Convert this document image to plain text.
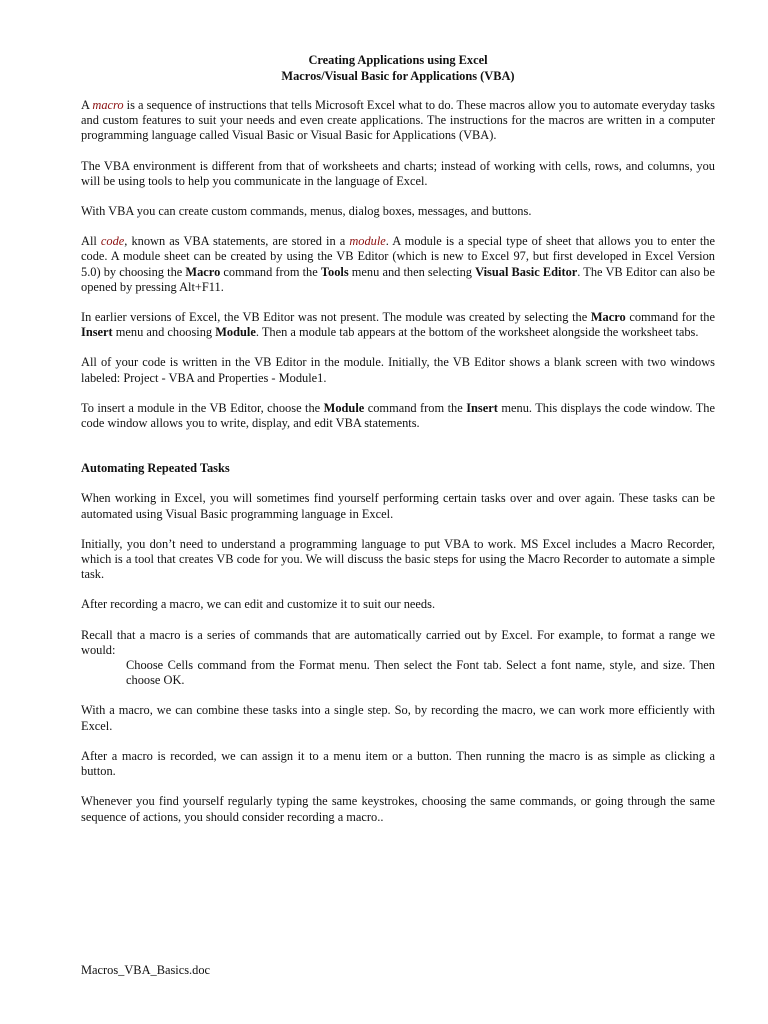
Creating Applications using Excel
Macros/Visual Basic for Applications (VBA)

A macro is a sequence of instructions that tells Microsoft Excel what to do. These macros allow you to automate everyday tasks and custom features to suit your needs and even create applications. The instructions for the macros are written in a computer programming language called Visual Basic or Visual Basic for Applications (VBA).

The VBA environment is different from that of worksheets and charts; instead of working with cells, rows, and columns, you will be using tools to help you communicate in the language of Excel.

With VBA you can create custom commands, menus, dialog boxes, messages, and buttons.

All code, known as VBA statements, are stored in a module. A module is a special type of sheet that allows you to enter the code. A module sheet can be created by using the VB Editor (which is new to Excel 97, but first developed in Excel Version 5.0) by choosing the Macro command from the Tools menu and then selecting Visual Basic Editor. The VB Editor can also be opened by pressing Alt+F11.

In earlier versions of Excel, the VB Editor was not present. The module was created by selecting the Macro command for the Insert menu and choosing Module. Then a module tab appears at the bottom of the worksheet alongside the worksheet tabs.

All of your code is written in the VB Editor in the module. Initially, the VB Editor shows a blank screen with two windows labeled: Project - VBA and Properties - Module1.

To insert a module in the VB Editor, choose the Module command from the Insert menu. This displays the code window. The code window allows you to write, display, and edit VBA statements.

Automating Repeated Tasks

When working in Excel, you will sometimes find yourself performing certain tasks over and over again. These tasks can be automated using Visual Basic programming language in Excel.

Initially, you don’t need to understand a programming language to put VBA to work. MS Excel includes a Macro Recorder, which is a tool that creates VB code for you. We will discuss the basic steps for using the Macro Recorder to automate a simple task.

After recording a macro, we can edit and customize it to suit our needs.

Recall that a macro is a series of commands that are automatically carried out by Excel. For example, to format a range we would:
Choose Cells command from the Format menu. Then select the Font tab. Select a font name, style, and size. Then choose OK.

With a macro, we can combine these tasks into a single step. So, by recording the macro, we can work more efficiently with Excel.

After a macro is recorded, we can assign it to a menu item or a button. Then running the macro is as simple as clicking a button.

Whenever you find yourself regularly typing the same keystrokes, choosing the same commands, or going through the same sequence of actions, you should consider recording a macro..

Macros_VBA_Basics.doc
